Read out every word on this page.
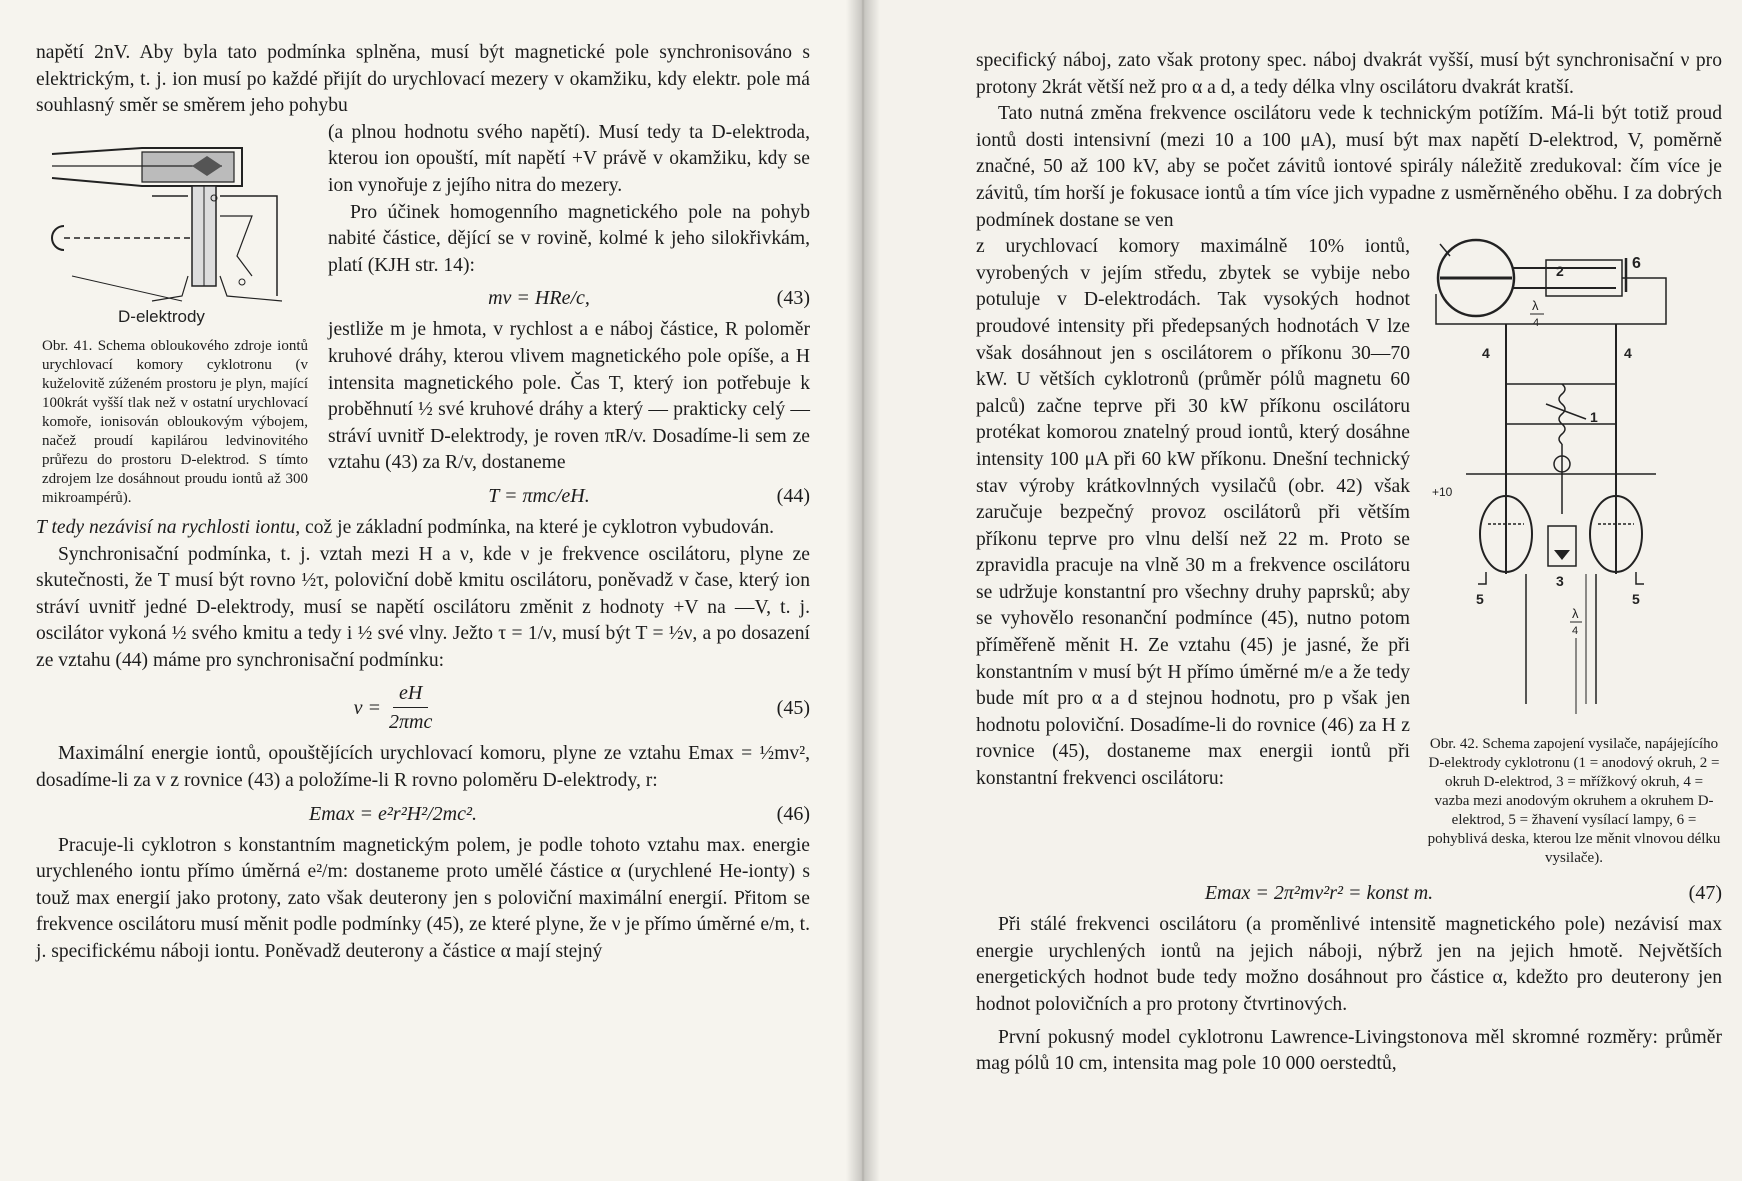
napětí 2nV. Aby byla tato podmínka splněna, musí být magnetické pole synchronisováno s elektrickým, t. j. ion musí po každé přijít do urychlovací mezery v okamžiku, kdy elektr. pole má souhlasný směr se směrem jeho pohybu

D-elektrody
Obr. 41. Schema obloukového zdroje iontů urychlovací komory cyklotronu (v kuželovitě zúženém prostoru je plyn, mající 100krát vyšší tlak než v ostatní urychlovací komoře, ionisován obloukovým výbojem, načež proudí kapilárou ledvinovitého průřezu do prostoru D-elektrod. S tímto zdrojem lze dosáhnout proudu iontů až 300 mikroampérů).

(a plnou hodnotu svého napětí). Musí tedy ta D-elektroda, kterou ion opouští, mít napětí +V právě v okamžiku, kdy se ion vynořuje z jejího nitra do mezery.

Pro účinek homogenního magnetického pole na pohyb nabité částice, dějící se v rovině, kolmé k jeho silokřivkám, platí (KJH str. 14):

mv = HRe/c,	(43)

jestliže m je hmota, v rychlost a e náboj částice, R poloměr kruhové dráhy, kterou vlivem magnetického pole opíše, a H intensita magnetického pole. Čas T, který ion potřebuje k proběhnutí ½ své kruhové dráhy a který — prakticky celý — stráví uvnitř D-elektrody, je roven πR/v. Dosadíme-li sem ze vztahu (43) za R/v, dostaneme

T = πmc/eH.	(44)

T tedy nezávisí na rychlosti iontu, což je základní podmínka, na které je cyklotron vybudován.

Synchronisační podmínka, t. j. vztah mezi H a ν, kde ν je frekvence oscilátoru, plyne ze skutečnosti, že T musí být rovno ½τ, poloviční době kmitu oscilátoru, poněvadž v čase, který ion stráví uvnitř jedné D-elektrody, musí se napětí oscilátoru změnit z hodnoty +V na —V, t. j. oscilátor vykoná ½ svého kmitu a tedy i ½ své vlny. Ježto τ = 1/ν, musí být T = ½ν, a po dosazení ze vztahu (44) máme pro synchronisační podmínku:

ν =
eH
2πmc
(45)

Maximální energie iontů, opouštějících urychlovací komoru, plyne ze vztahu Emax = ½mv², dosadíme-li za v z rovnice (43) a položíme-li R rovno poloměru D-elektrody, r:

Emax = e²r²H²/2mc².	(46)

Pracuje-li cyklotron s konstantním magnetickým polem, je podle tohoto vztahu max. energie urychleného iontu přímo úměrná e²/m: dostaneme proto umělé částice α (urychlené He-ionty) s touž max energií jako protony, zato však deuterony jen s poloviční maximální energií. Přitom se frekvence oscilátoru musí měnit podle podmínky (45), ze které plyne, že ν je přímo úměrné e/m, t. j. specifickému náboji iontu. Poněvadž deuterony a částice α mají stejný

specifický náboj, zato však protony spec. náboj dvakrát vyšší, musí být synchronisační ν pro protony 2krát větší než pro α a d, a tedy délka vlny oscilátoru dvakrát kratší.

Tato nutná změna frekvence oscilátoru vede k technickým potížím. Má-li být totiž proud iontů dosti intensivní (mezi 10 a 100 μA), musí být max napětí D-elektrod, V, poměrně značné, 50 až 100 kV, aby se počet závitů iontové spirály náležitě zredukoval: čím více je závitů, tím horší je fokusace iontů a tím více jich vypadne z usměrněného oběhu. I za dobrých podmínek dostane se ven

2	6
λ
4
4	4
1
+10
3
5	5
λ
4
Obr. 42. Schema zapojení vysilače, napájejícího D-elektrody cyklotronu (1 = anodový okruh, 2 = okruh D-elektrod, 3 = mřížkový okruh, 4 = vazba mezi anodovým okruhem a okruhem D-elektrod, 5 = žhavení vysílací lampy, 6 = pohyblivá deska, kterou lze měnit vlnovou délku vysilače).

z urychlovací komory maximálně 10% iontů, vyrobených v jejím středu, zbytek se vybije nebo potuluje v D-elektrodách. Tak vysokých hodnot proudové intensity při předepsaných hodnotách V lze však dosáhnout jen s oscilátorem o příkonu 30—70 kW. U větších cyklotronů (průměr pólů magnetu 60 palců) začne teprve při 30 kW příkonu oscilátoru protékat komorou znatelný proud iontů, který dosáhne intensity 100 μA při 60 kW příkonu. Dnešní technický stav výroby krátkovlnných vysilačů (obr. 42) však zaručuje bezpečný provoz oscilátorů při větším příkonu teprve pro vlnu delší než 22 m. Proto se zpravidla pracuje na vlně 30 m a frekvence oscilátoru se udržuje konstantní pro všechny druhy paprsků; aby se vyhovělo resonanční podmínce (45), nutno potom příměřeně měnit H. Ze vztahu (45) je jasné, že při konstantním ν musí být H přímo úměrné m/e a že tedy bude mít pro α a d stejnou hodnotu, pro p však jen hodnotu poloviční. Dosadíme-li do rovnice (46) za H z rovnice (45), dostaneme max energii iontů při konstantní frekvenci oscilátoru:

Emax = 2π²mν²r² = konst m.	(47)

Při stálé frekvenci oscilátoru (a proměnlivé intensitě magnetického pole) nezávisí max energie urychlených iontů na jejich náboji, nýbrž jen na jejich hmotě. Největších energetických hodnot bude tedy možno dosáhnout pro částice α, kdežto pro deuterony jen hodnot polovičních a pro protony čtvrtinových.

První pokusný model cyklotronu Lawrence-Livingstonova měl skromné rozměry: průměr mag pólů 10 cm, intensita mag pole 10 000 oerstedtů,
